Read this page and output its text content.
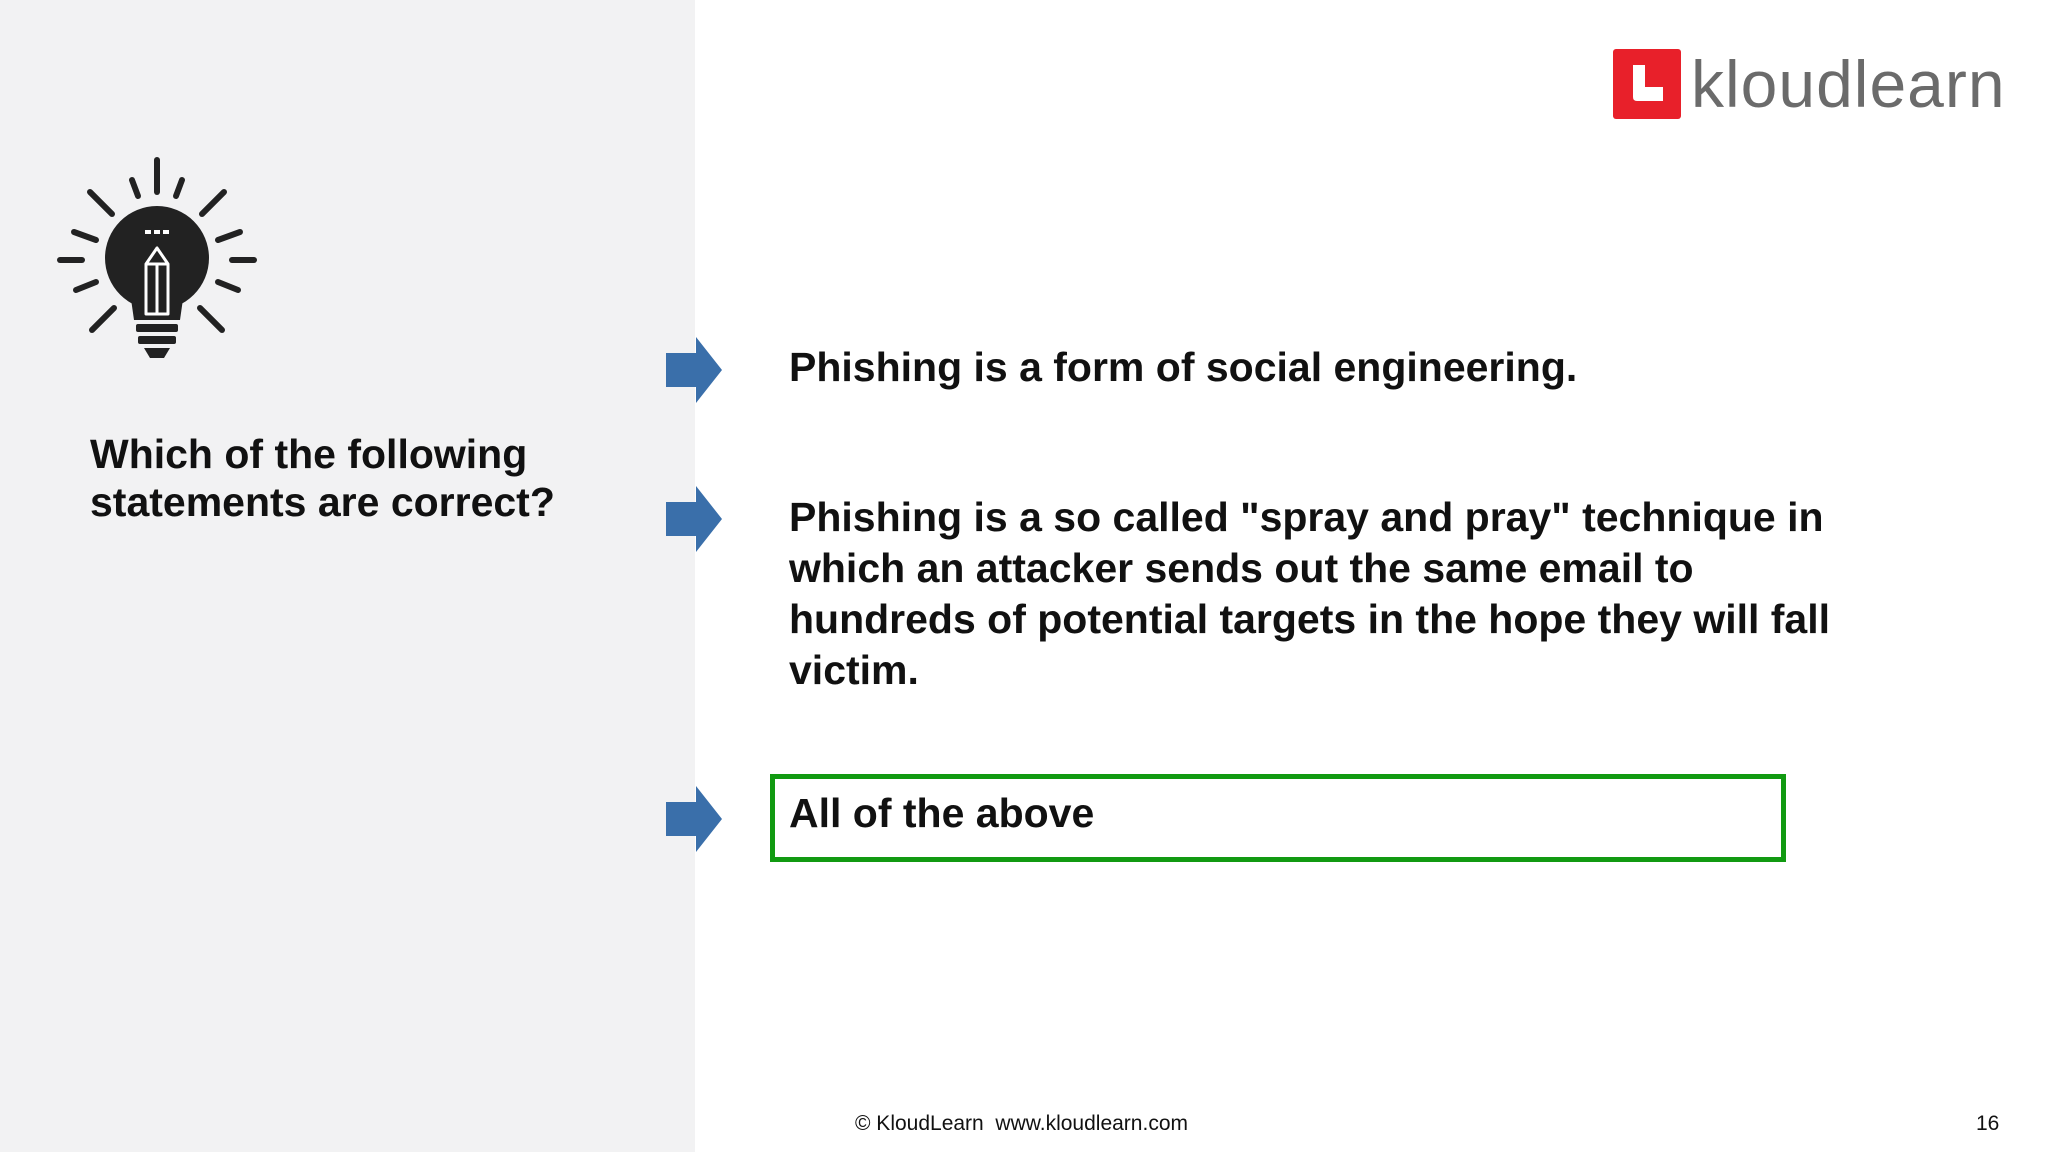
Which of the following statements are correct?
kloudlearn
Phishing is a form of social engineering.
Phishing is a so called "spray and pray" technique in which an attacker sends out the same email to hundreds of potential targets in the hope they will fall victim.
All of the above
© KloudLearn www.kloudlearn.com	16
